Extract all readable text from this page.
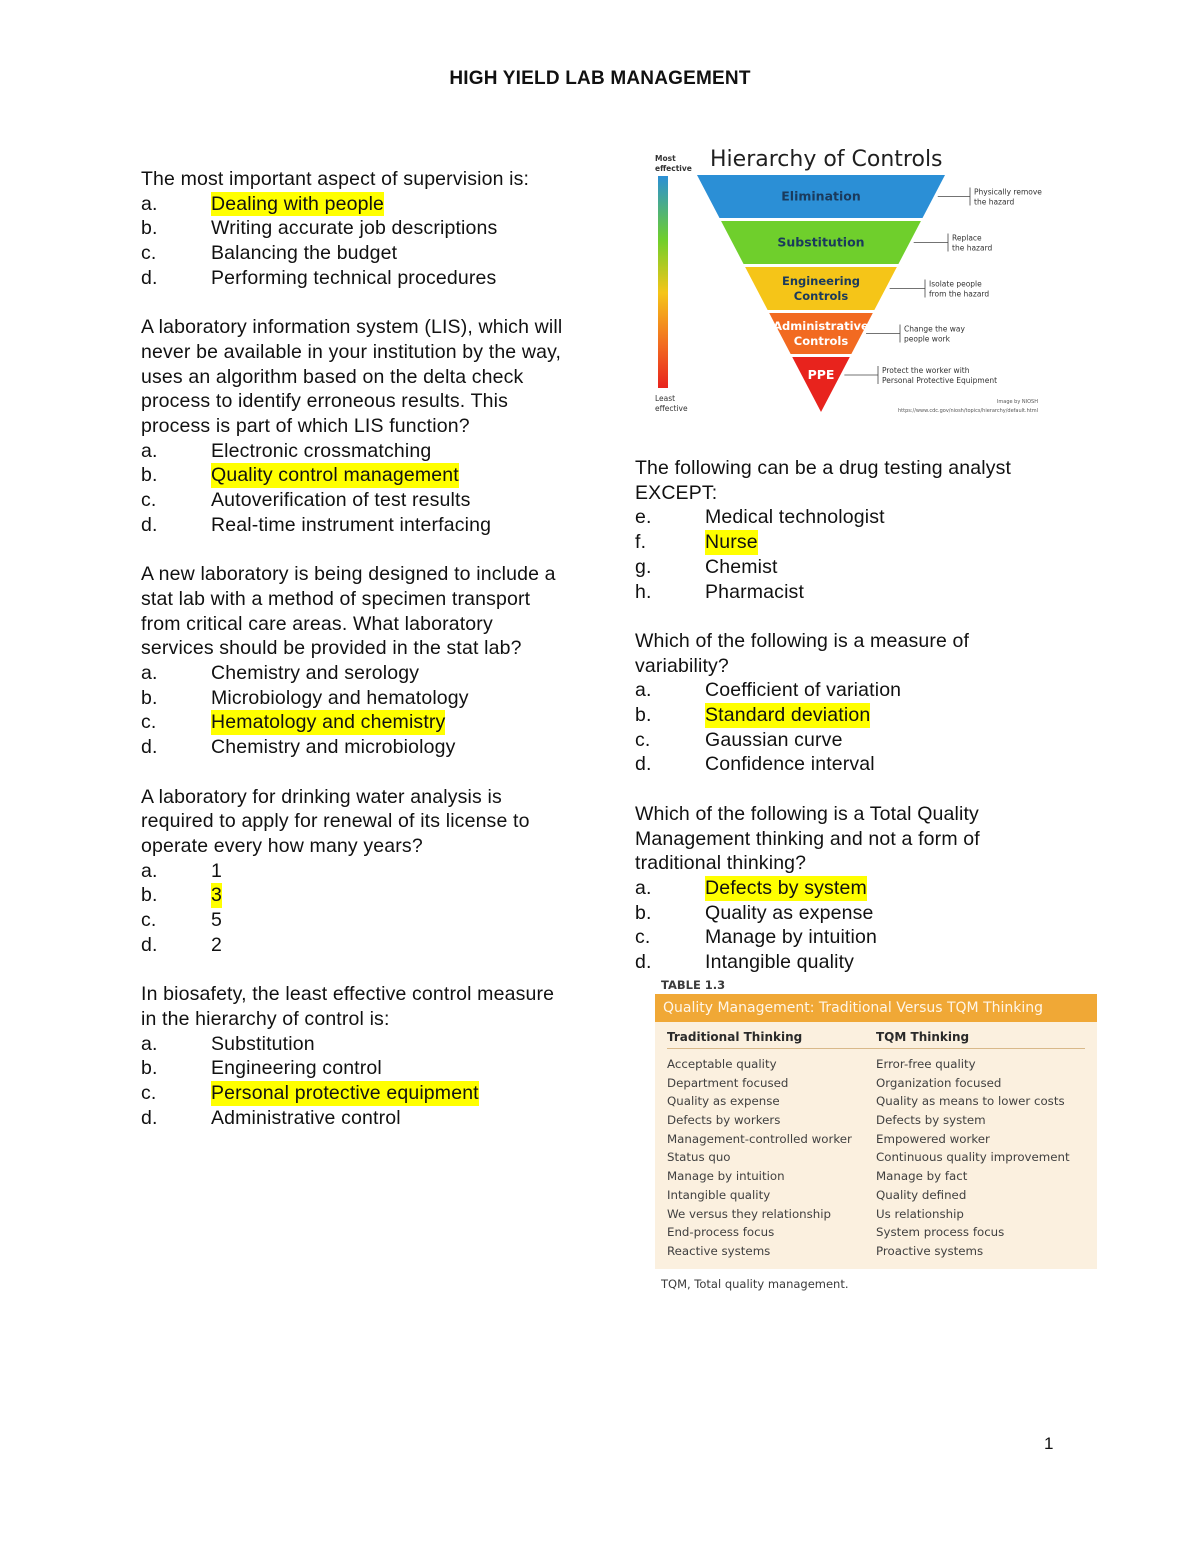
HIGH YIELD LAB MANAGEMENT
The most important aspect of supervision is:
a.	Dealing with people
b.	Writing accurate job descriptions
c.	Balancing the budget
d.	Performing technical procedures
A laboratory information system (LIS), which will never be available in your institution by the way, uses an algorithm based on the delta check process to identify erroneous results. This process is part of which LIS function?
a.	Electronic crossmatching
b.	Quality control management
c.	Autoverification of test results
d.	Real-time instrument interfacing
A new laboratory is being designed to include a stat lab with a method of specimen transport from critical care areas. What laboratory services should be provided in the stat lab?
a.	Chemistry and serology
b.	Microbiology and hematology
c.	Hematology and chemistry
d.	Chemistry and microbiology
A laboratory for drinking water analysis is required to apply for renewal of its license to operate every how many years?
a.	1
b.	3
c.	5
d.	2
In biosafety, the least effective control measure in the hierarchy of control is:
a.	Substitution
b.	Engineering control
c.	Personal protective equipment
d.	Administrative control
Most
effective
Least
effective
Hierarchy of Controls
Elimination	Physically remove
the hazard
Substitution	Replace
the hazard
Engineering
Controls
Isolate people
from the hazard
Administrative
Controls
Change the way
people work
PPE	Protect the worker with
Personal Protective Equipment
Image by NIOSH
https://www.cdc.gov/niosh/topics/hierarchy/default.html
The following can be a drug testing analyst EXCEPT:
e.	Medical technologist
f.	Nurse
g.	Chemist
h.	Pharmacist
Which of the following is a measure of variability?
a.	Coefficient of variation
b.	Standard deviation
c.	Gaussian curve
d.	Confidence interval
Which of the following is a Total Quality Management thinking and not a form of traditional thinking?
a.	Defects by system
b.	Quality as expense
c.	Manage by intuition
d.	Intangible quality
TABLE 1.3
Quality Management: Traditional Versus TQM Thinking
Traditional Thinking	TQM Thinking
Acceptable quality	Error-free quality
Department focused	Organization focused
Quality as expense	Quality as means to lower costs
Defects by workers	Defects by system
Management-controlled worker	Empowered worker
Status quo	Continuous quality improvement
Manage by intuition	Manage by fact
Intangible quality	Quality defined
We versus they relationship	Us relationship
End-process focus	System process focus
Reactive systems	Proactive systems
TQM, Total quality management.
1
